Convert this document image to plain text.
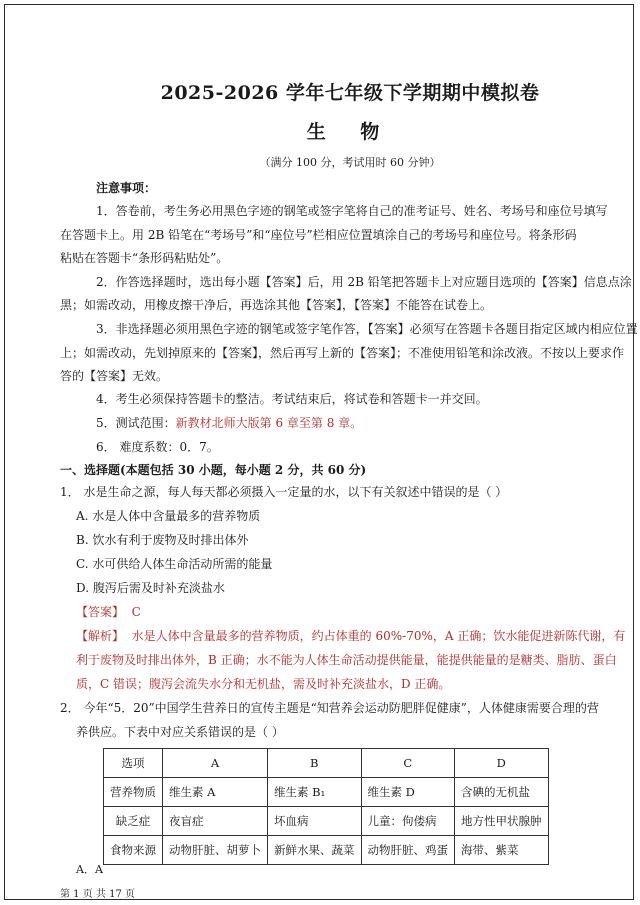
2025-2026 学年七年级下学期期中模拟卷
生 物
（满分 100 分，考试用时 60 分钟）
注意事项：
1．答卷前，考生务必用黑色字迹的钢笔或签字笔将自己的准考证号、姓名、考场号和座位号填写
在答题卡上。用 2B 铅笔在“考场号”和“座位号”栏相应位置填涂自己的考场号和座位号。将条形码
粘贴在答题卡“条形码粘贴处”。
2．作答选择题时，选出每小题【答案】后，用 2B 铅笔把答题卡上对应题目选项的【答案】信息点涂
黑；如需改动，用橡皮擦干净后，再选涂其他【答案】，【答案】不能答在试卷上。
3．非选择题必须用黑色字迹的钢笔或签字笔作答，【答案】必须写在答题卡各题目指定区域内相应位置
上；如需改动，先划掉原来的【答案】，然后再写上新的【答案】；不准使用铅笔和涂改液。不按以上要求作
答的【答案】无效。
4．考生必须保持答题卡的整洁。考试结束后，将试卷和答题卡一并交回。
5．测试范围：新教材北师大版第 6 章至第 8 章。
6． 难度系数：0．7。
一、选择题(本题包括 30 小题，每小题 2 分，共 60 分)
1． 水是生命之源，每人每天都必须摄入一定量的水，以下有关叙述中错误的是（ ）
A. 水是人体中含量最多的营养物质
B. 饮水有利于废物及时排出体外
C. 水可供给人体生命活动所需的能量
D. 腹泻后需及时补充淡盐水
【答案】 C
【解析】 水是人体中含量最多的营养物质，约占体重的 60%-70%，A 正确；饮水能促进新陈代谢，有
利于废物及时排出体外，B 正确；水不能为人体生命活动提供能量，能提供能量的是糖类、脂肪、蛋白
质，C 错误；腹泻会流失水分和无机盐，需及时补充淡盐水，D 正确。
2． 今年“5．20”中国学生营养日的宣传主题是“知营养会运动防肥胖促健康”，人体健康需要合理的营
养供应。下表中对应关系错误的是（ ）
选项	A	B	C	D
营养物质	维生素 A	维生素 B₁	维生素 D	含碘的无机盐
缺乏症	夜盲症	坏血病	儿童：佝偻病	地方性甲状腺肿
食物来源	动物肝脏、胡萝卜	新鲜水果、蔬菜	动物肝脏、鸡蛋	海带、紫菜
A．A
第 1 页 共 17 页
